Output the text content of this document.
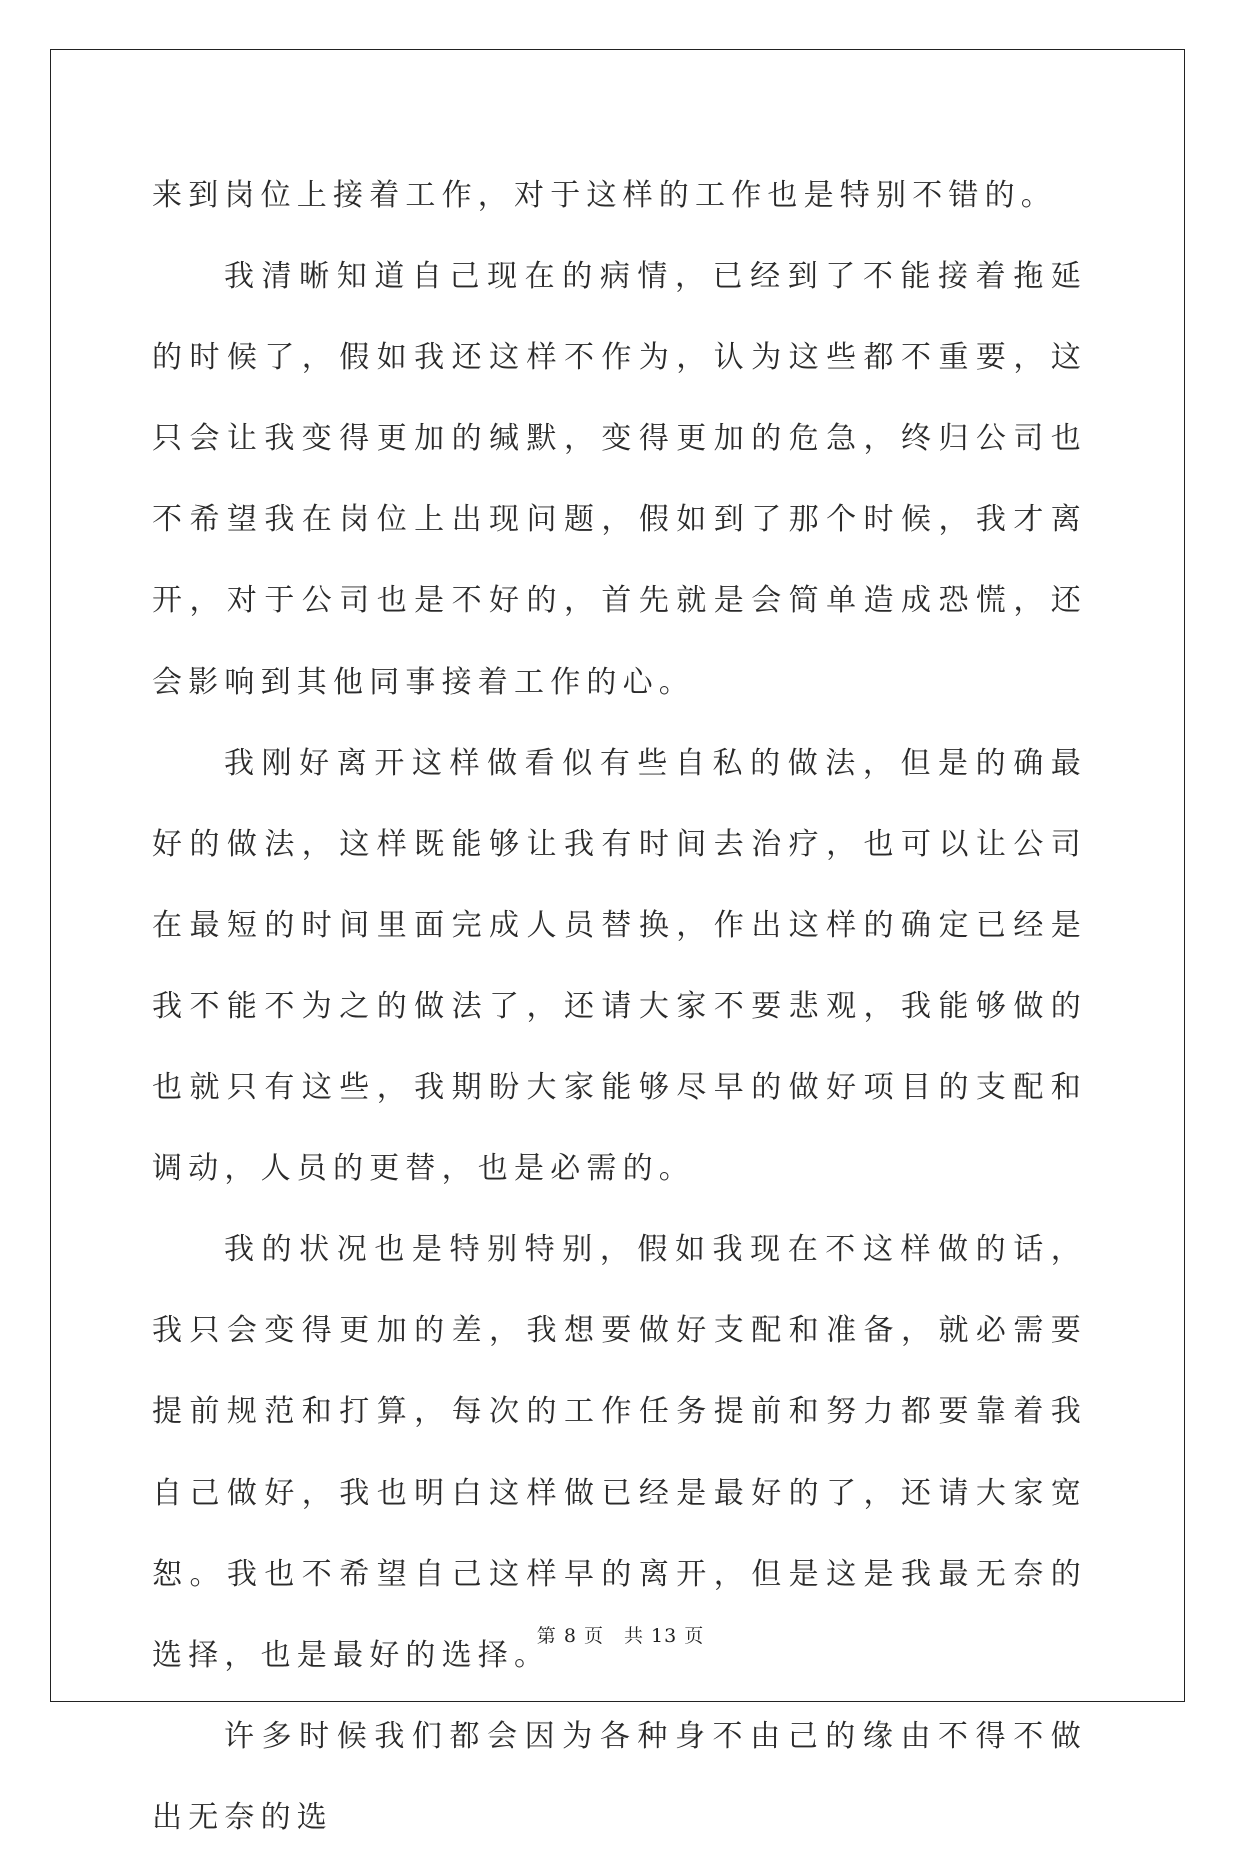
来到岗位上接着工作，对于这样的工作也是特别不错的。

我清晰知道自己现在的病情，已经到了不能接着拖延的时候了，假如我还这样不作为，认为这些都不重要，这只会让我变得更加的缄默，变得更加的危急，终归公司也不希望我在岗位上出现问题，假如到了那个时候，我才离开，对于公司也是不好的，首先就是会简单造成恐慌，还会影响到其他同事接着工作的心。

我刚好离开这样做看似有些自私的做法，但是的确最好的做法，这样既能够让我有时间去治疗，也可以让公司在最短的时间里面完成人员替换，作出这样的确定已经是我不能不为之的做法了，还请大家不要悲观，我能够做的也就只有这些，我期盼大家能够尽早的做好项目的支配和调动，人员的更替，也是必需的。

我的状况也是特别特别，假如我现在不这样做的话，我只会变得更加的差，我想要做好支配和准备，就必需要提前规范和打算，每次的工作任务提前和努力都要靠着我自己做好，我也明白这样做已经是最好的了，还请大家宽恕。我也不希望自己这样早的离开，但是这是我最无奈的选择，也是最好的选择。

许多时候我们都会因为各种身不由己的缘由不得不做出无奈的选

第 8 页 共 13 页
